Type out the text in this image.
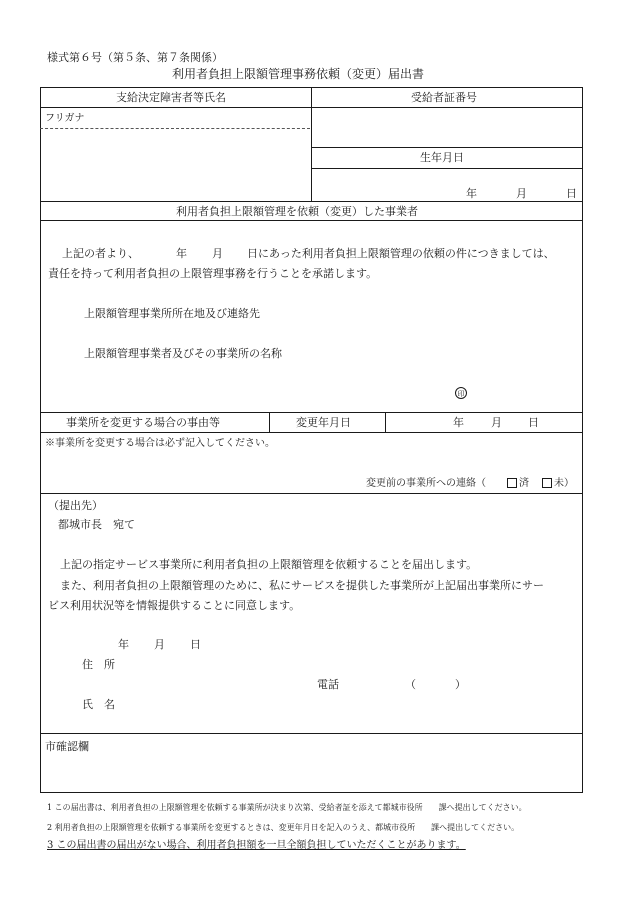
様式第６号（第５条、第７条関係）
利用者負担上限額管理事務依頼（変更）届出書
支給決定障害者等氏名	受給者証番号
フリガナ
生年月日
年	月	日
利用者負担上限額管理を依頼（変更）した事業者
上記の者より、	年 月 日にあった利用者負担上限額管理の依頼の件につきましては、
責任を持って利用者負担の上限管理事務を行うことを承諾します。
上限額管理事業所所在地及び連絡先
上限額管理事業者及びその事業所の名称
印
事業所を変更する場合の事由等	変更年月日	年 月 日
※事業所を変更する場合は必ず記入してください。
変更前の事業所への連絡（	済	未）
（提出先）
都城市長　宛て
上記の指定サービス事業所に利用者負担の上限額管理を依頼することを届出します。
また、利用者負担の上限額管理のために、私にサービスを提供した事業所が上記届出事業所にサー
ビス利用状況等を情報提供することに同意します。
年 月 日
住　所
電話	（	）
氏　名
市確認欄
1 この届出書は、利用者負担の上限額管理を依頼する事業所が決まり次第、受給者証を添えて都城市役所　　課へ提出してください。
2 利用者負担の上限額管理を依頼する事業所を変更するときは、変更年月日を記入のうえ、都城市役所　　課へ提出してください。
3 この届出書の届出がない場合、利用者負担額を一旦全額負担していただくことがあります。
